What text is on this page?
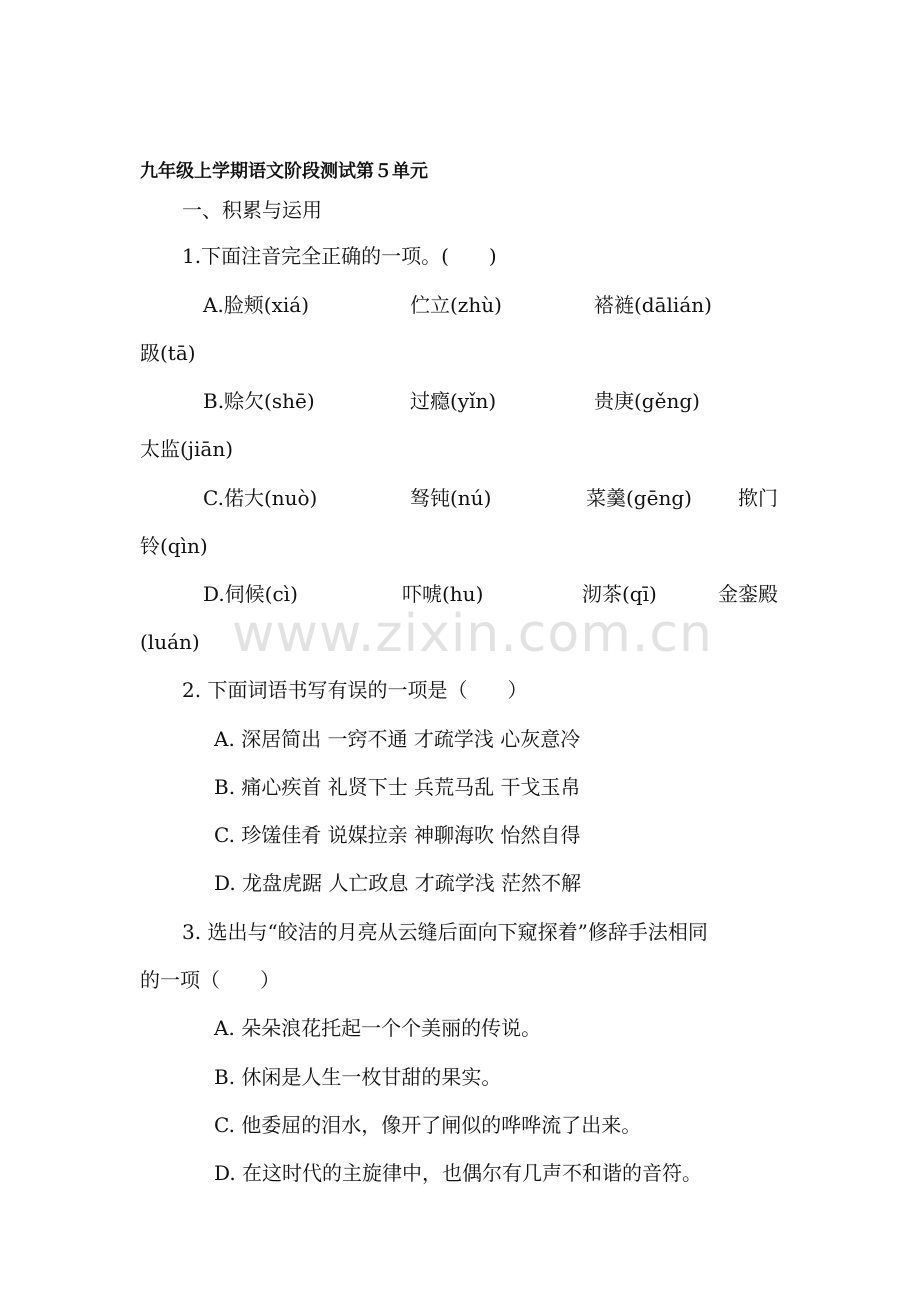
九年级上学期语文阶段测试第５单元
一、积累与运用
1.下面注音完全正确的一项。(　　)
A.脸颊(xiá)	伫立(zhù)	褡裢(dālián)
趿(tā)
B.赊欠(shē)	过瘾(yǐn)	贵庚(gěng)
太监(jiān)
C.偌大(nuò)	驽钝(nú)	菜羹(gēng) 揿门
铃(qìn)
D.伺候(cì)	吓唬(hu)	沏茶(qī)	金銮殿
(luán) www.zixin.com.cn
2. 下面词语书写有误的一项是（　　）
A. 深居简出 一窍不通 才疏学浅 心灰意冷
B. 痛心疾首 礼贤下士 兵荒马乱 干戈玉帛
C. 珍馐佳肴 说媒拉亲 神聊海吹 怡然自得
D. 龙盘虎踞 人亡政息 才疏学浅 茫然不解
3. 选出与“皎洁的月亮从云缝后面向下窥探着”修辞手法相同
的一项（　　）
A. 朵朵浪花托起一个个美丽的传说。
B. 休闲是人生一枚甘甜的果实。
C. 他委屈的泪水，像开了闸似的哗哗流了出来。
D. 在这时代的主旋律中，也偶尔有几声不和谐的音符。
